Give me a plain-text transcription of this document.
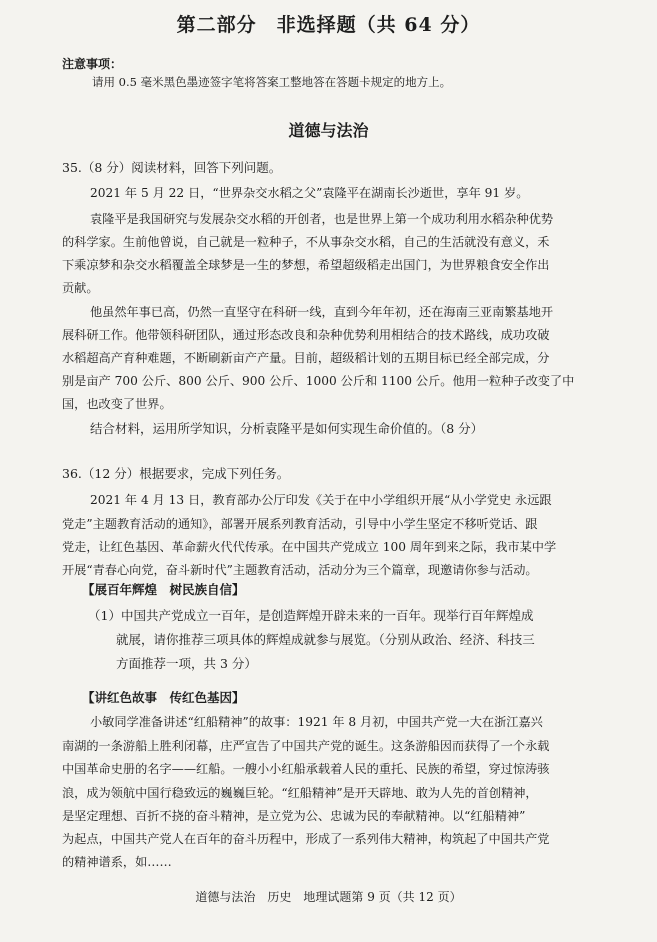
第二部分　非选择题（共 64 分）
注意事项：
请用 0.5 毫米黑色墨迹签字笔将答案工整地答在答题卡规定的地方上。
道德与法治
35.（8 分）阅读材料，回答下列问题。
2021 年 5 月 22 日，“世界杂交水稻之父”袁隆平在湖南长沙逝世，享年 91 岁。
袁隆平是我国研究与发展杂交水稻的开创者，也是世界上第一个成功利用水稻杂种优势
的科学家。生前他曾说，自己就是一粒种子，不从事杂交水稻，自己的生活就没有意义，禾
下乘凉梦和杂交水稻覆盖全球梦是一生的梦想，希望超级稻走出国门，为世界粮食安全作出
贡献。
他虽然年事已高，仍然一直坚守在科研一线，直到今年年初，还在海南三亚南繁基地开
展科研工作。他带领科研团队，通过形态改良和杂种优势利用相结合的技术路线，成功攻破
水稻超高产育种难题，不断刷新亩产产量。目前，超级稻计划的五期目标已经全部完成，分
别是亩产 700 公斤、800 公斤、900 公斤、1000 公斤和 1100 公斤。他用一粒种子改变了中
国，也改变了世界。
结合材料，运用所学知识，分析袁隆平是如何实现生命价值的。（8 分）
36.（12 分）根据要求，完成下列任务。
2021 年 4 月 13 日，教育部办公厅印发《关于在中小学组织开展“从小学党史 永远跟
党走”主题教育活动的通知》，部署开展系列教育活动，引导中小学生坚定不移听党话、跟
党走，让红色基因、革命薪火代代传承。在中国共产党成立 100 周年到来之际，我市某中学
开展“青春心向党，奋斗新时代”主题教育活动，活动分为三个篇章，现邀请你参与活动。
【展百年辉煌　树民族自信】
（1）中国共产党成立一百年，是创造辉煌开辟未来的一百年。现举行百年辉煌成
就展，请你推荐三项具体的辉煌成就参与展览。（分别从政治、经济、科技三
方面推荐一项，共 3 分）
【讲红色故事　传红色基因】
小敏同学准备讲述“红船精神”的故事：1921 年 8 月初，中国共产党一大在浙江嘉兴
南湖的一条游船上胜利闭幕，庄严宣告了中国共产党的诞生。这条游船因而获得了一个永载
中国革命史册的名字——红船。一艘小小红船承载着人民的重托、民族的希望，穿过惊涛骇
浪，成为领航中国行稳致远的巍巍巨轮。“红船精神”是开天辟地、敢为人先的首创精神，
是坚定理想、百折不挠的奋斗精神，是立党为公、忠诚为民的奉献精神。以“红船精神”
为起点，中国共产党人在百年的奋斗历程中，形成了一系列伟大精神，构筑起了中国共产党
的精神谱系，如……
道德与法治　历史　地理试题第 9 页（共 12 页）
